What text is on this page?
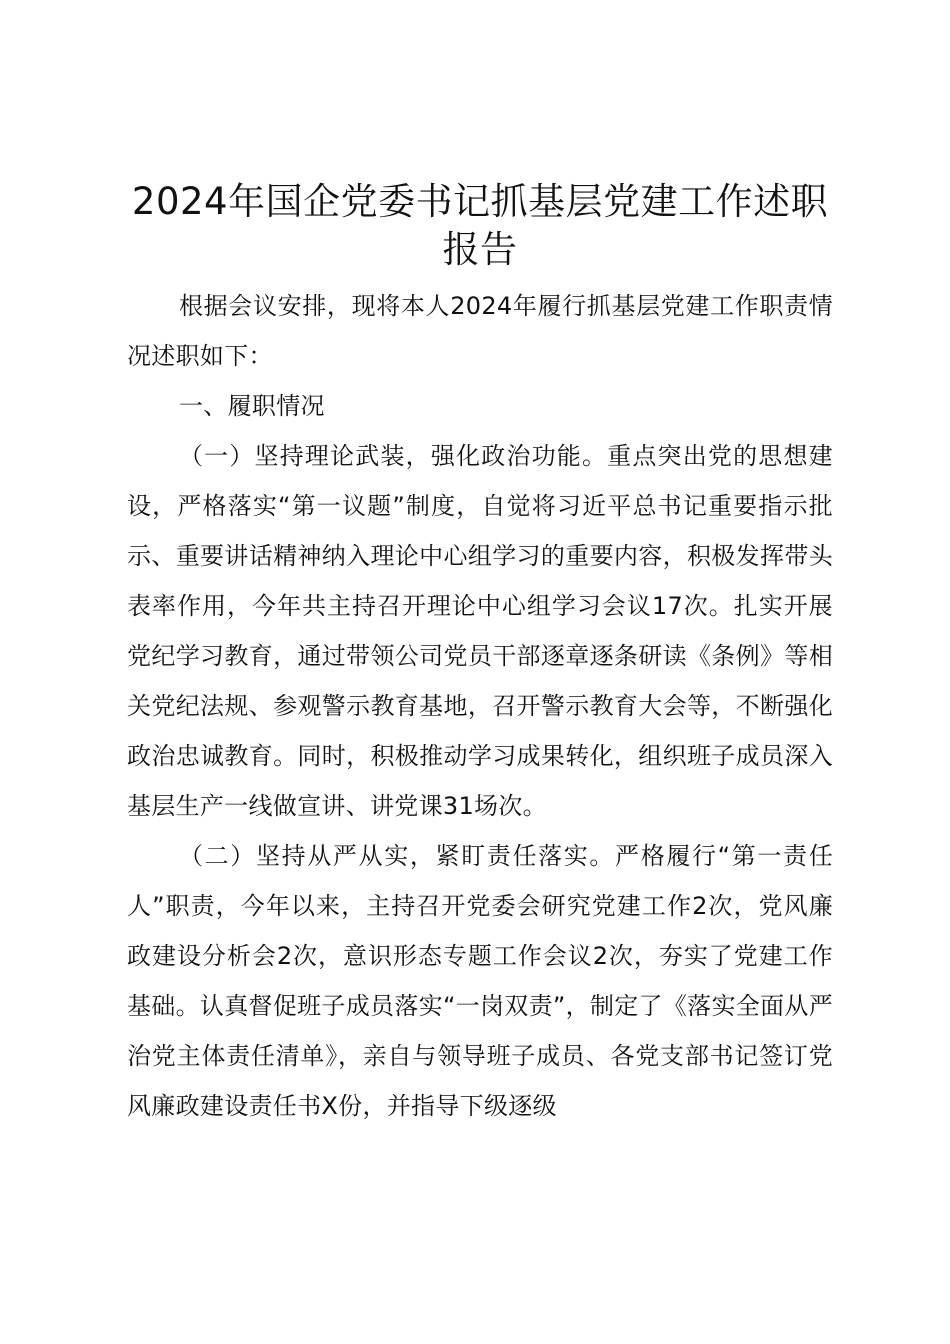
2024年国企党委书记抓基层党建工作述职报告

根据会议安排，现将本人2024年履行抓基层党建工作职责情况述职如下：

一、履职情况

（一）坚持理论武装，强化政治功能。重点突出党的思想建设，严格落实“第一议题”制度，自觉将习近平总书记重要指示批示、重要讲话精神纳入理论中心组学习的重要内容，积极发挥带头表率作用，今年共主持召开理论中心组学习会议17次。扎实开展党纪学习教育，通过带领公司党员干部逐章逐条研读《条例》等相关党纪法规、参观警示教育基地，召开警示教育大会等，不断强化政治忠诚教育。同时，积极推动学习成果转化，组织班子成员深入基层生产一线做宣讲、讲党课31场次。

（二）坚持从严从实，紧盯责任落实。严格履行“第一责任人”职责，今年以来，主持召开党委会研究党建工作2次，党风廉政建设分析会2次，意识形态专题工作会议2次，夯实了党建工作基础。认真督促班子成员落实“一岗双责”，制定了《落实全面从严治党主体责任清单》，亲自与领导班子成员、各党支部书记签订党风廉政建设责任书X份，并指导下级逐级
